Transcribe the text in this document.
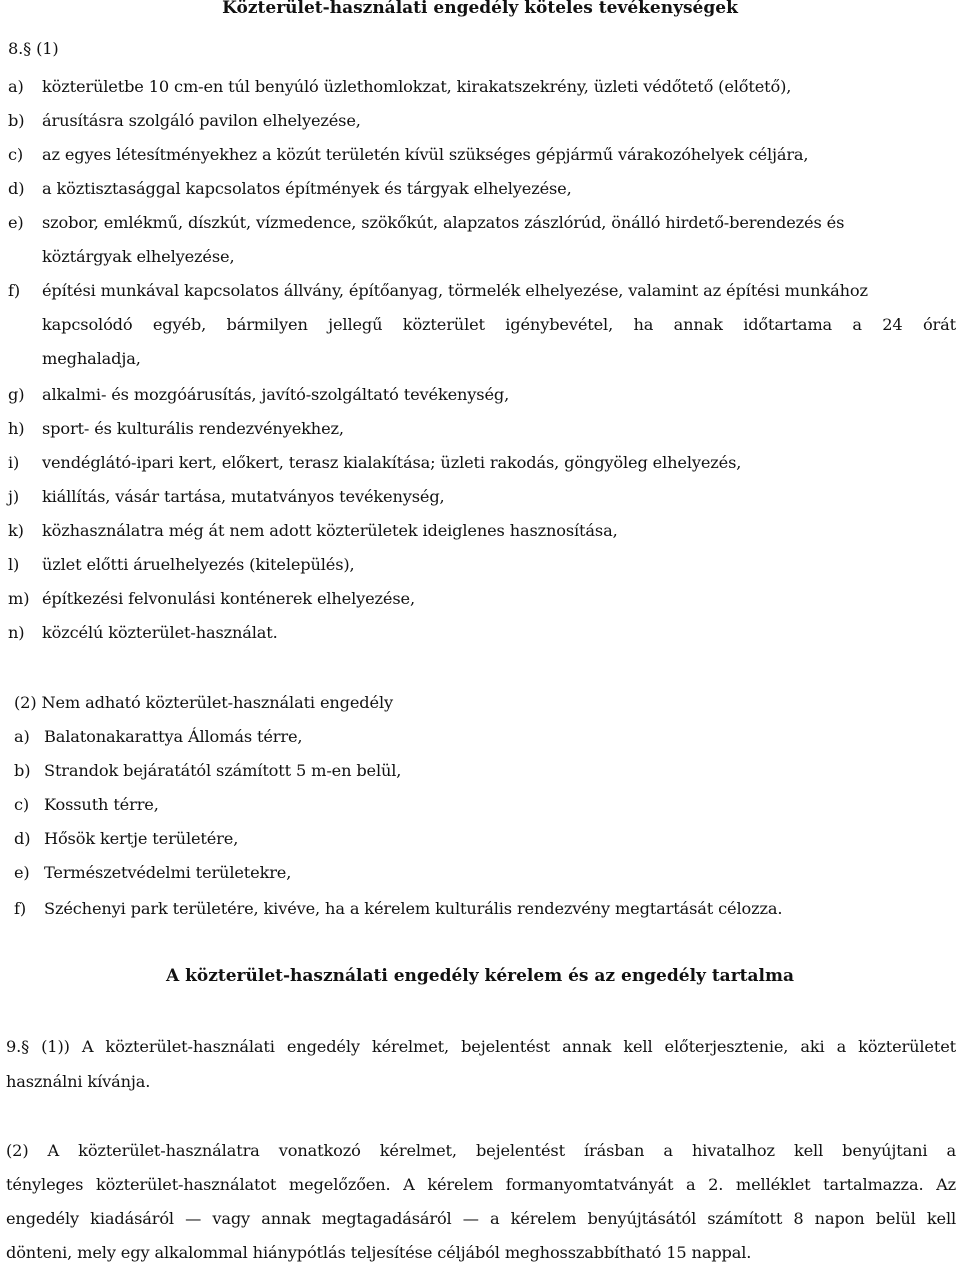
Közterület-használati engedély köteles tevékenységek
8.§ (1)
a) közterületbe 10 cm-en túl benyúló üzlethomlokzat, kirakatszekrény, üzleti védőtető (előtető),
b) árusításra szolgáló pavilon elhelyezése,
c) az egyes létesítményekhez a közút területén kívül szükséges gépjármű várakozóhelyek céljára,
d) a köztisztasággal kapcsolatos építmények és tárgyak elhelyezése,
e) szobor, emlékmű, díszkút, vízmedence, szökőkút, alapzatos zászlórúd, önálló hirdető-berendezés és
köztárgyak elhelyezése,
f) építési munkával kapcsolatos állvány, építőanyag, törmelék elhelyezése, valamint az építési munkához
kapcsolódó egyéb, bármilyen jellegű közterület igénybevétel, ha annak időtartama a 24 órát
meghaladja,
g) alkalmi- és mozgóárusítás, javító-szolgáltató tevékenység,
h) sport- és kulturális rendezvényekhez,
i) vendéglátó-ipari kert, előkert, terasz kialakítása; üzleti rakodás, göngyöleg elhelyezés,
j) kiállítás, vásár tartása, mutatványos tevékenység,
k) közhasználatra még át nem adott közterületek ideiglenes hasznosítása,
l) üzlet előtti áruelhelyezés (kitelepülés),
m) építkezési felvonulási konténerek elhelyezése,
n) közcélú közterület-használat.
(2) Nem adható közterület-használati engedély
a) Balatonakarattya Állomás térre,
b) Strandok bejáratától számított 5 m-en belül,
c) Kossuth térre,
d) Hősök kertje területére,
e) Természetvédelmi területekre,
f) Széchenyi park területére, kivéve, ha a kérelem kulturális rendezvény megtartását célozza.
A közterület-használati engedély kérelem és az engedély tartalma
9.§ (1)) A közterület-használati engedély kérelmet, bejelentést annak kell előterjesztenie, aki a közterületet
használni kívánja.
(2) A közterület-használatra vonatkozó kérelmet, bejelentést írásban a hivatalhoz kell benyújtani a
tényleges közterület-használatot megelőzően. A kérelem formanyomtatványát a 2. melléklet tartalmazza. Az
engedély kiadásáról — vagy annak megtagadásáról — a kérelem benyújtásától számított 8 napon belül kell
dönteni, mely egy alkalommal hiánypótlás teljesítése céljából meghosszabbítható 15 nappal.
